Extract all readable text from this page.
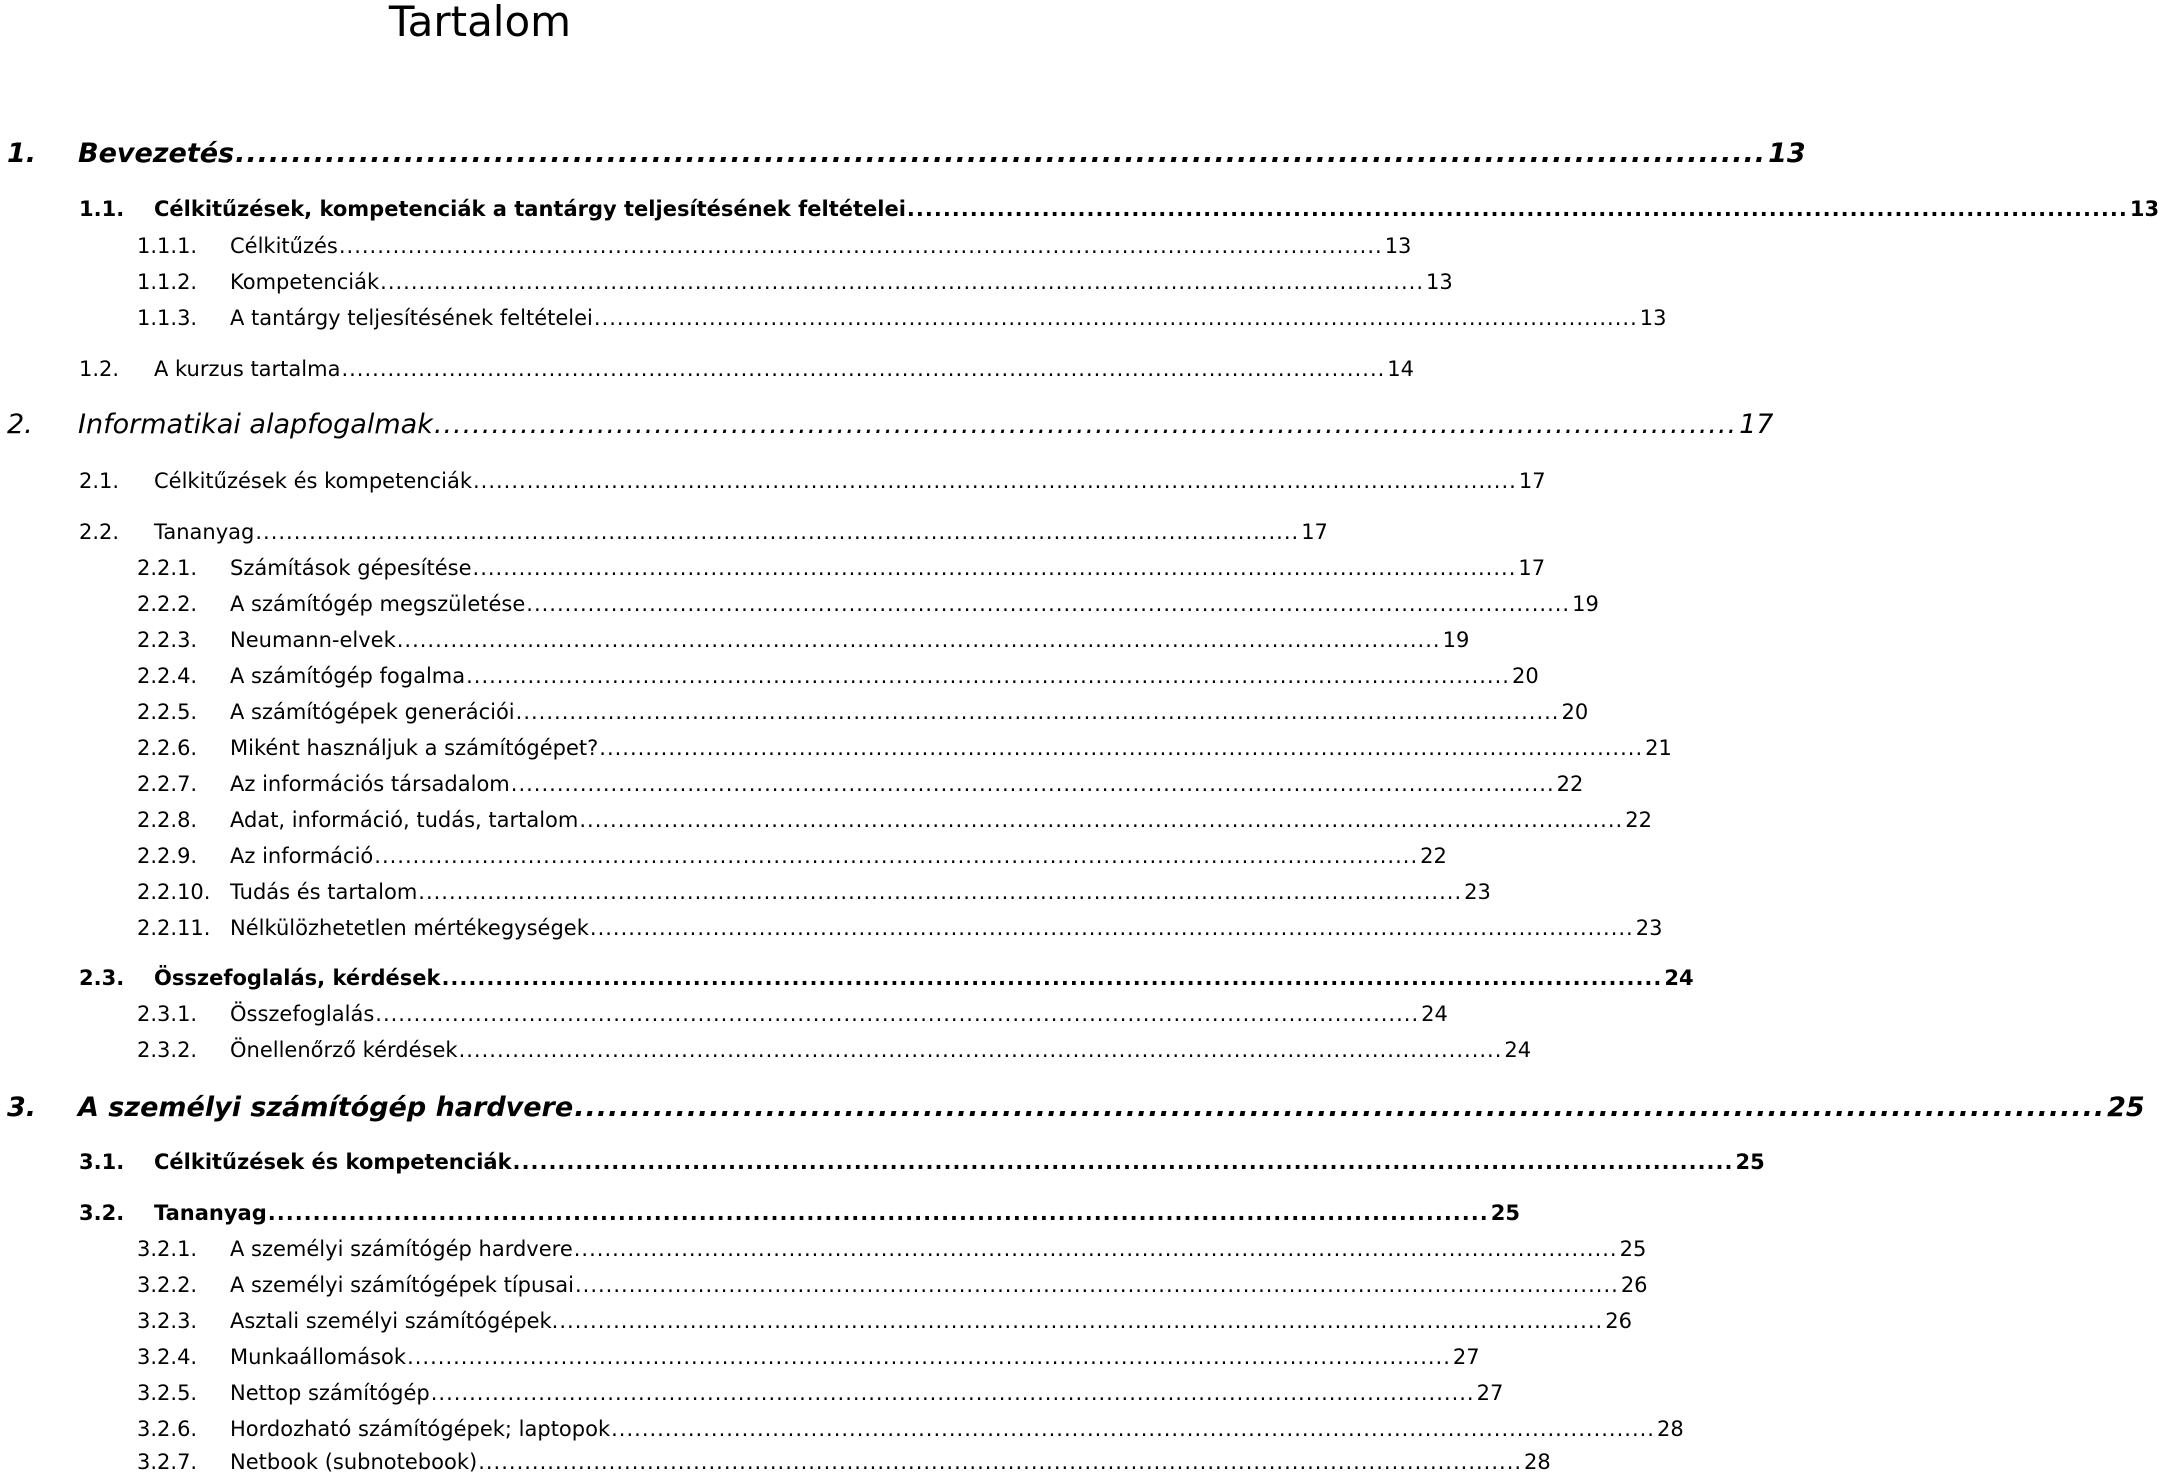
Tartalom
1. Bevezetés ........................................................................................................................................ 13
1.1. Célkitűzések, kompetenciák a tantárgy teljesítésének feltételei ........................................................................................................................................ 13
1.1.1. Célkitűzés ........................................................................................................................................ 13
1.1.2. Kompetenciák ........................................................................................................................................ 13
1.1.3. A tantárgy teljesítésének feltételei ........................................................................................................................................ 13
1.2. A kurzus tartalma ........................................................................................................................................ 14
2. Informatikai alapfogalmak ........................................................................................................................................ 17
2.1. Célkitűzések és kompetenciák ........................................................................................................................................ 17
2.2. Tananyag ........................................................................................................................................ 17
2.2.1. Számítások gépesítése ........................................................................................................................................ 17
2.2.2. A számítógép megszületése ........................................................................................................................................ 19
2.2.3. Neumann-elvek ........................................................................................................................................ 19
2.2.4. A számítógép fogalma ........................................................................................................................................ 20
2.2.5. A számítógépek generációi ........................................................................................................................................ 20
2.2.6. Miként használjuk a számítógépet? ........................................................................................................................................ 21
2.2.7. Az információs társadalom ........................................................................................................................................ 22
2.2.8. Adat, információ, tudás, tartalom ........................................................................................................................................ 22
2.2.9. Az információ ........................................................................................................................................ 22
2.2.10. Tudás és tartalom ........................................................................................................................................ 23
2.2.11. Nélkülözhetetlen mértékegységek ........................................................................................................................................ 23
2.3. Összefoglalás, kérdések ........................................................................................................................................ 24
2.3.1. Összefoglalás ........................................................................................................................................ 24
2.3.2. Önellenőrző kérdések ........................................................................................................................................ 24
3. A személyi számítógép hardvere ........................................................................................................................................ 25
3.1. Célkitűzések és kompetenciák ........................................................................................................................................ 25
3.2. Tananyag ........................................................................................................................................ 25
3.2.1. A személyi számítógép hardvere ........................................................................................................................................ 25
3.2.2. A személyi számítógépek típusai ........................................................................................................................................ 26
3.2.3. Asztali személyi számítógépek. ........................................................................................................................................ 26
3.2.4. Munkaállomások ........................................................................................................................................ 27
3.2.5. Nettop számítógép ........................................................................................................................................ 27
3.2.6. Hordozható számítógépek; laptopok ........................................................................................................................................ 28
3.2.7. Netbook (subnotebook) ........................................................................................................................................ 28
